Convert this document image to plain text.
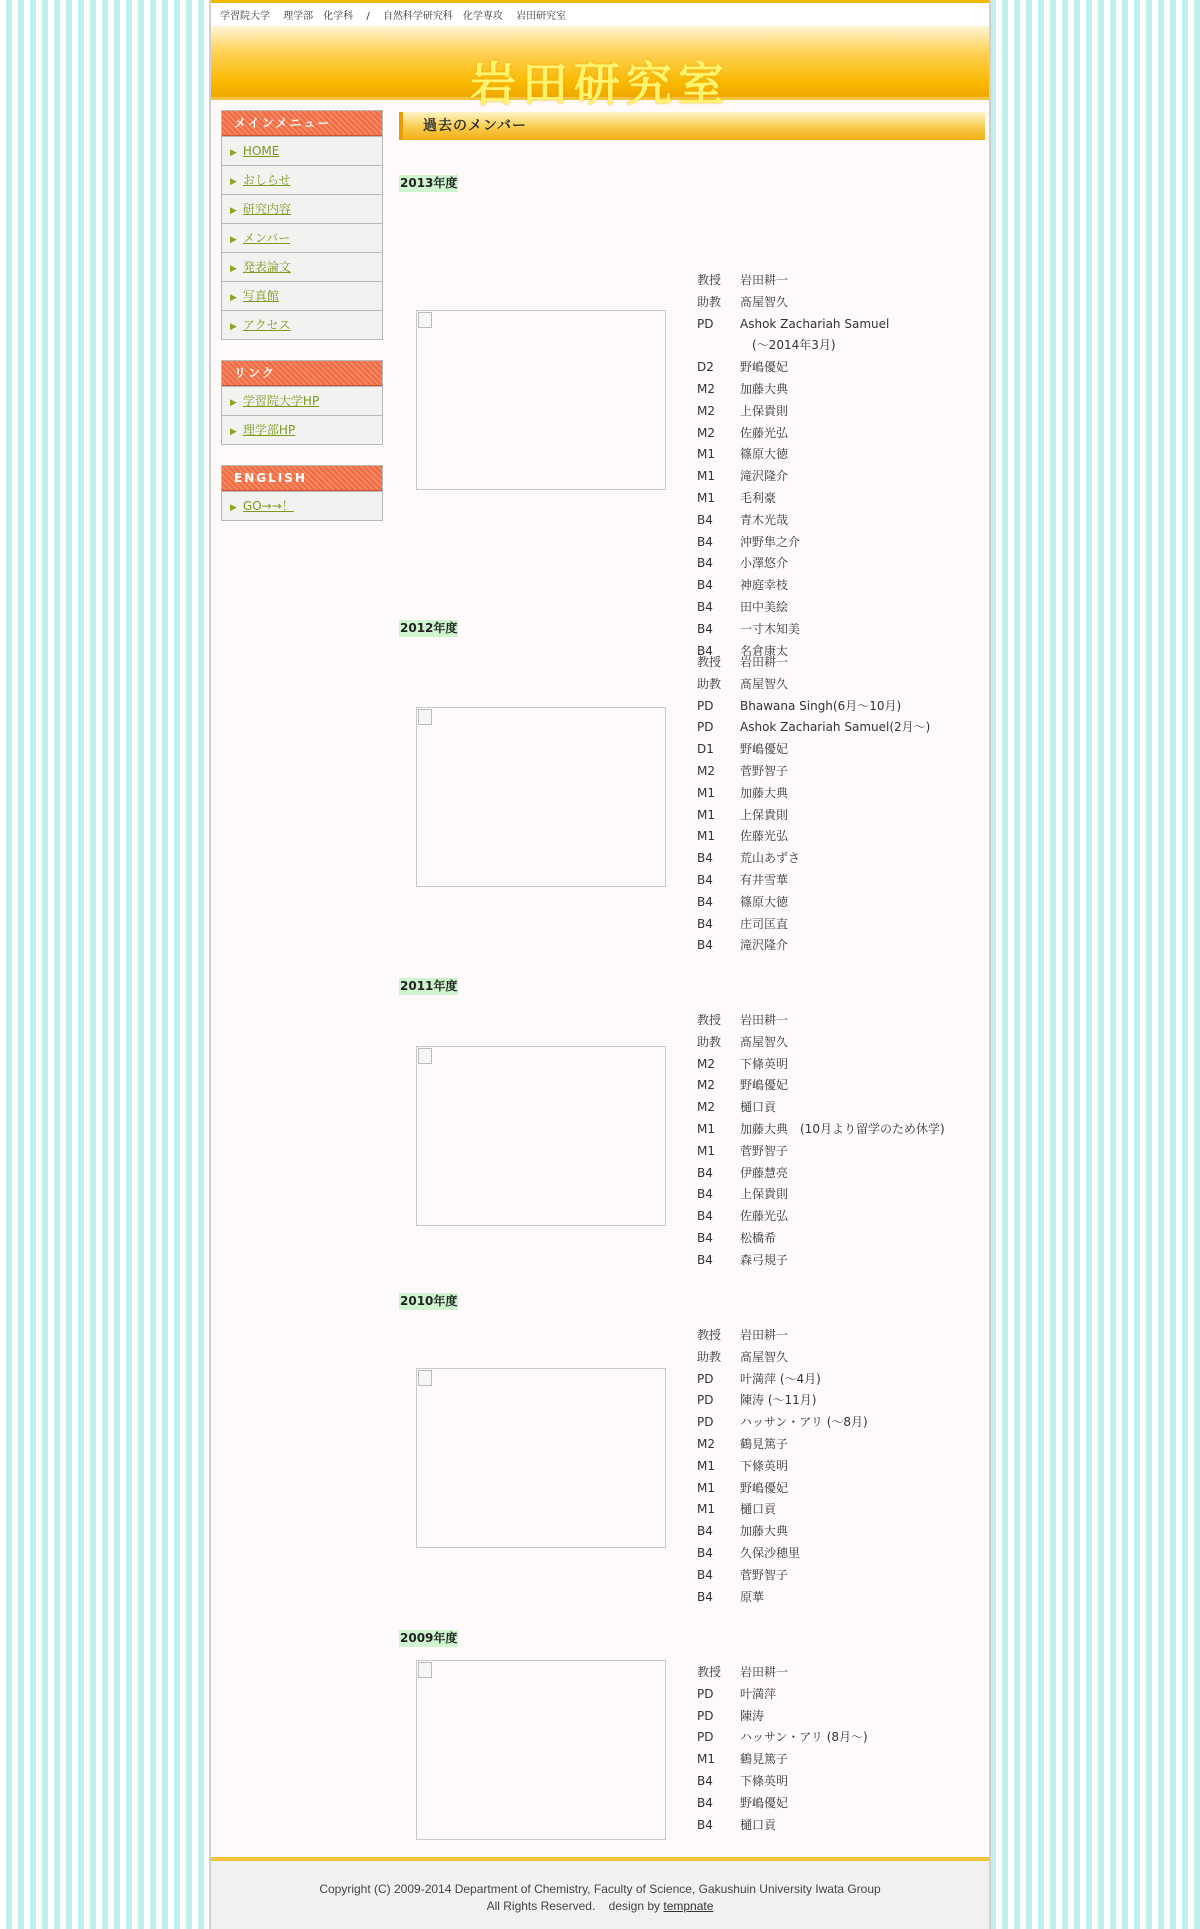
学習院大学 理学部　化学科 / 自然科学研究科　化学専攻 岩田研究室
岩田研究室
メインメニュー
▶ HOME
▶ おしらせ
▶ 研究内容
▶ メンバー
▶ 発表論文
▶ 写真館
▶ アクセス
リンク
▶ 学習院大学HP
▶ 理学部HP
ENGLISH
▶ GO→→！
過去のメンバー
2013年度
教授 岩田耕一
助教 髙屋智久
PD Ashok Zachariah Samuel
(～2014年3月)
D2 野嶋優妃
M2 加藤大典
M2 上保貴則
M2 佐藤光弘
M1 篠原大徳
M1 滝沢隆介
M1 毛利豪
B4 青木光哉
B4 沖野隼之介
B4 小澤悠介
B4 神庭幸枝
B4 田中美絵
B4 一寸木知美
B4 名倉康太
2012年度
教授 岩田耕一
助教 髙屋智久
PD Bhawana Singh(6月～10月)
PD Ashok Zachariah Samuel(2月～)
D1 野嶋優妃
M2 菅野智子
M1 加藤大典
M1 上保貴則
M1 佐藤光弘
B4 荒山あずさ
B4 有井雪華
B4 篠原大徳
B4 庄司匡直
B4 滝沢隆介
2011年度
教授 岩田耕一
助教 髙屋智久
M2 下條英明
M2 野嶋優妃
M2 樋口貢
M1 加藤大典　(10月より留学のため休学)
M1 菅野智子
B4 伊藤慧亮
B4 上保貴則
B4 佐藤光弘
B4 松橋希
B4 森弓規子
2010年度
教授 岩田耕一
助教 髙屋智久
PD 叶満萍 (～4月)
PD 陳涛 (～11月)
PD ハッサン・アリ (～8月)
M2 鶴見篤子
M1 下條英明
M1 野嶋優妃
M1 樋口貢
B4 加藤大典
B4 久保沙穂里
B4 菅野智子
B4 原華
2009年度
教授 岩田耕一
PD 叶満萍
PD 陳涛
PD ハッサン・アリ (8月～)
M1 鶴見篤子
B4 下條英明
B4 野嶋優妃
B4 樋口貢
Copyright (C) 2009-2014 Department of Chemistry, Faculty of Science, Gakushuin University Iwata Group
All Rights Reserved. design by tempnate
